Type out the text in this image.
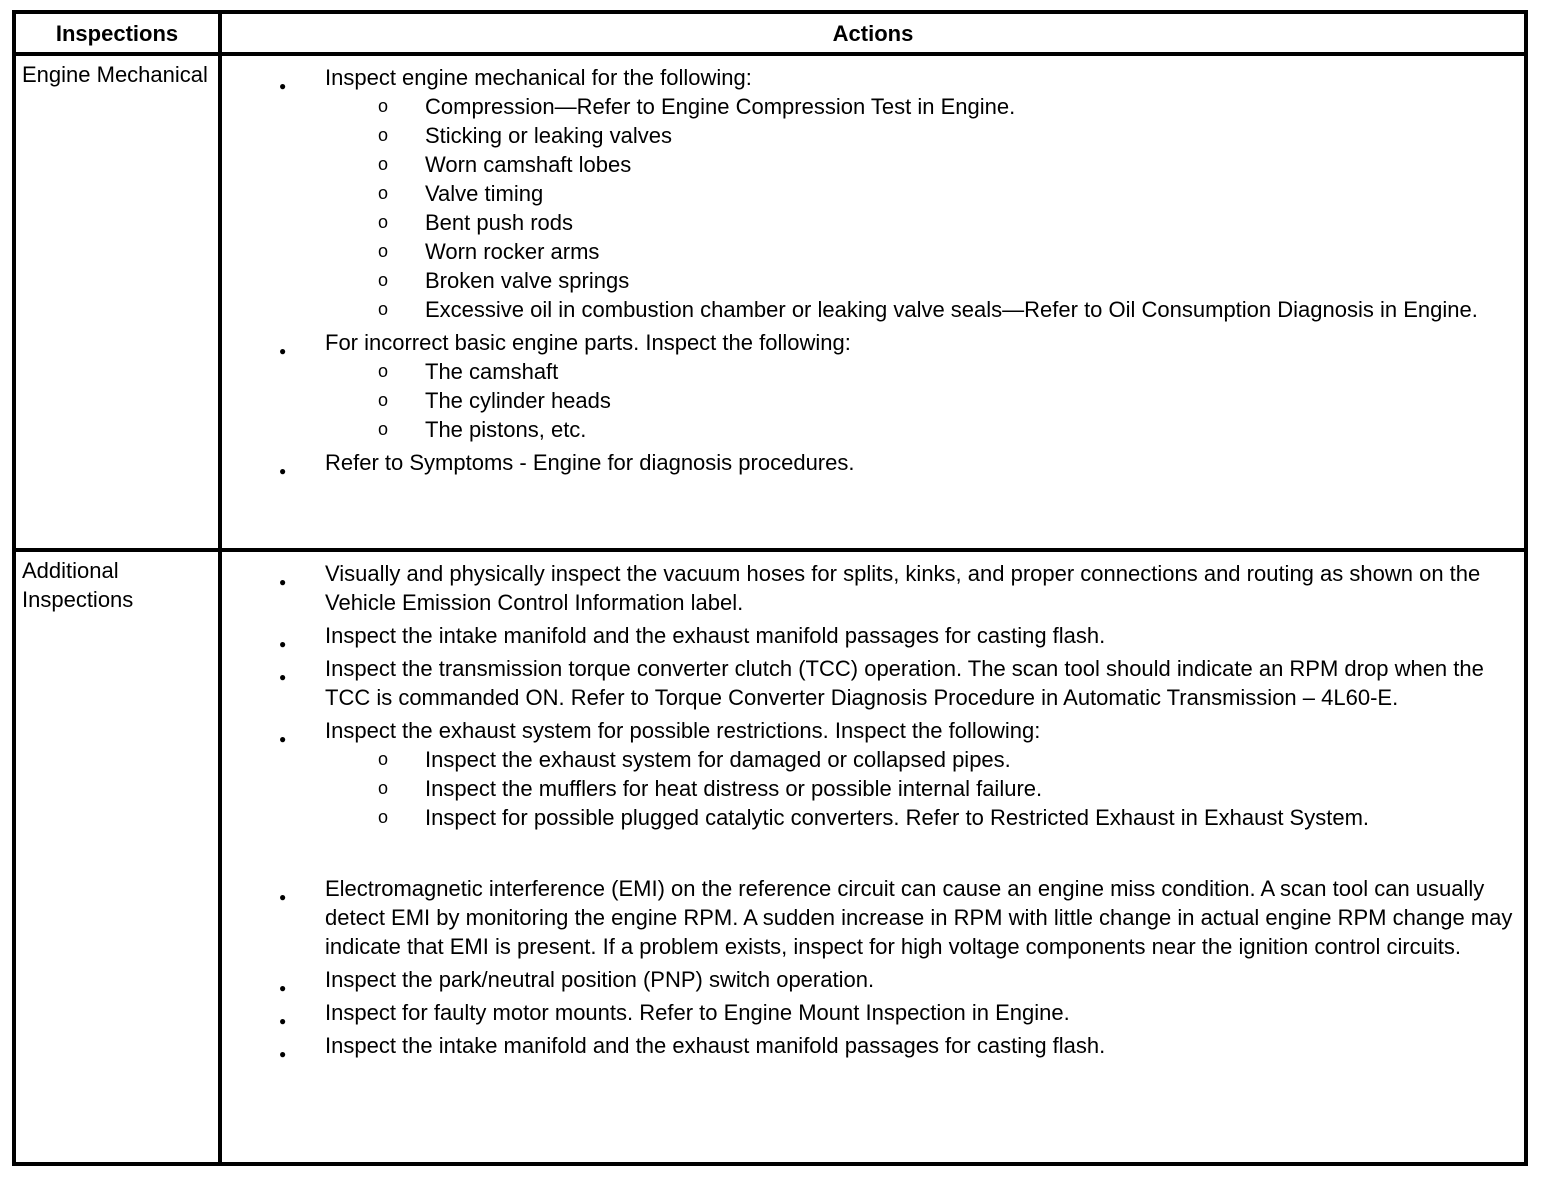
Inspections	Actions
Engine Mechanical	● Inspect engine mechanical for the following:
o Compression—Refer to Engine Compression Test in Engine.
o Sticking or leaking valves
o Worn camshaft lobes
o Valve timing
o Bent push rods
o Worn rocker arms
o Broken valve springs
o Excessive oil in combustion chamber or leaking valve seals—Refer to Oil Consumption Diagnosis in Engine.
● For incorrect basic engine parts. Inspect the following:
o The camshaft
o The cylinder heads
o The pistons, etc.
● Refer to Symptoms - Engine for diagnosis procedures.
Additional Inspections
● Visually and physically inspect the vacuum hoses for splits, kinks, and proper connections and routing as shown on the Vehicle Emission Control Information label.
● Inspect the intake manifold and the exhaust manifold passages for casting flash.
● Inspect the transmission torque converter clutch (TCC) operation. The scan tool should indicate an RPM drop when the TCC is commanded ON. Refer to Torque Converter Diagnosis Procedure in Automatic Transmission – 4L60-E.
● Inspect the exhaust system for possible restrictions. Inspect the following:
o Inspect the exhaust system for damaged or collapsed pipes.
o Inspect the mufflers for heat distress or possible internal failure.
o Inspect for possible plugged catalytic converters. Refer to Restricted Exhaust in Exhaust System.
● Electromagnetic interference (EMI) on the reference circuit can cause an engine miss condition. A scan tool can usually detect EMI by monitoring the engine RPM. A sudden increase in RPM with little change in actual engine RPM change may indicate that EMI is present. If a problem exists, inspect for high voltage components near the ignition control circuits.
● Inspect the park/neutral position (PNP) switch operation.
● Inspect for faulty motor mounts. Refer to Engine Mount Inspection in Engine.
● Inspect the intake manifold and the exhaust manifold passages for casting flash.
